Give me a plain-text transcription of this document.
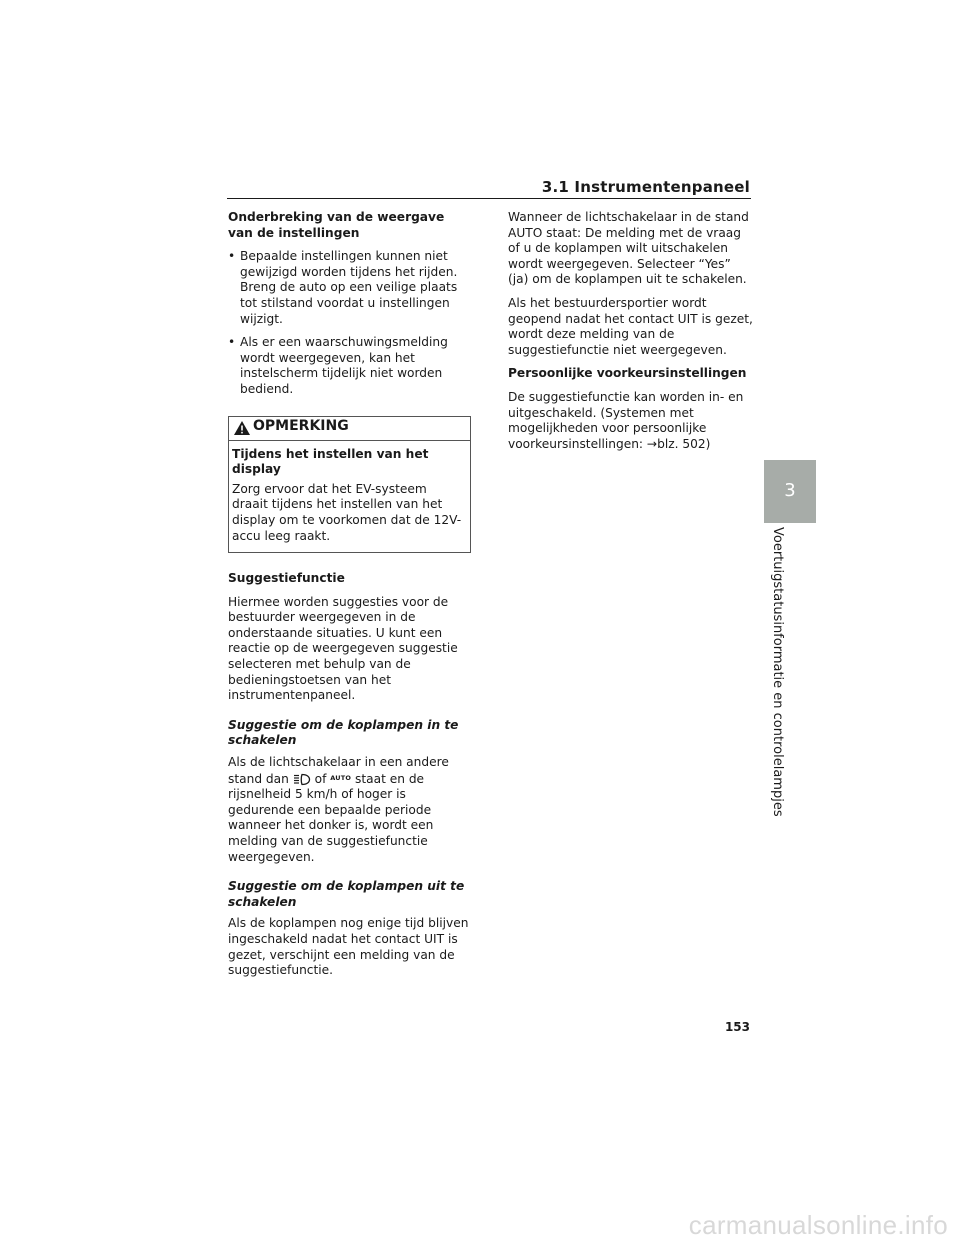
3.1 Instrumentenpaneel
Onderbreking van de weergave van de instellingen
• Bepaalde instellingen kunnen niet gewijzigd worden tijdens het rijden. Breng de auto op een veilige plaats tot stilstand voordat u instellingen wijzigt.
• Als er een waarschuwingsmelding wordt weergegeven, kan het instelscherm tijdelijk niet worden bediend.
OPMERKING
Tijdens het instellen van het display
Zorg ervoor dat het EV-systeem draait tijdens het instellen van het display om te voorkomen dat de 12V-accu leeg raakt.
Suggestiefunctie

Hiermee worden suggesties voor de bestuurder weergegeven in de onderstaande situaties. U kunt een reactie op de weergegeven suggestie selecteren met behulp van de bedieningstoetsen van het instrumentenpaneel.

Suggestie om de koplampen in te schakelen

Als de lichtschakelaar in een andere stand dan of $^{AUTO}$ staat en de rijsnelheid 5 km/h of hoger is gedurende een bepaalde periode wanneer het donker is, wordt een melding van de suggestiefunctie weergegeven.

Suggestie om de koplampen uit te schakelen

Als de koplampen nog enige tijd blijven ingeschakeld nadat het contact UIT is gezet, verschijnt een melding van de suggestiefunctie.

Wanneer de lichtschakelaar in de stand AUTO staat: De melding met de vraag of u de koplampen wilt uitschakelen wordt weergegeven. Selecteer “Yes” (ja) om de koplampen uit te schakelen.

Als het bestuurdersportier wordt geopend nadat het contact UIT is gezet, wordt deze melding van de suggestiefunctie niet weergegeven.

Persoonlijke voorkeursinstellingen

De suggestiefunctie kan worden in- en uitgeschakeld. (Systemen met mogelijkheden voor persoonlijke voorkeursinstellingen: →blz. 502)

3
Voertuigstatusinformatie en controlelampjes
153
carmanualsonline.info
